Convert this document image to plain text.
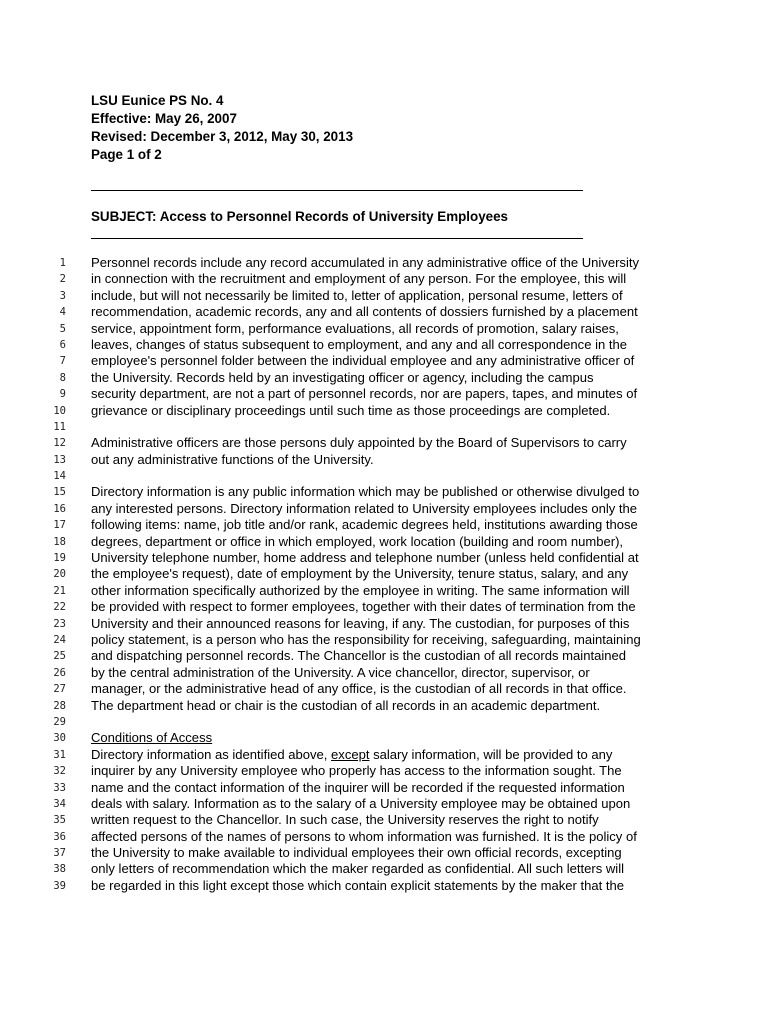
LSU Eunice PS No. 4
Effective: May 26, 2007
Revised: December 3, 2012, May 30, 2013
Page 1 of 2
SUBJECT: Access to Personnel Records of University Employees
1 Personnel records include any record accumulated in any administrative office of the University
2 in connection with the recruitment and employment of any person. For the employee, this will
3 include, but will not necessarily be limited to, letter of application, personal resume, letters of
4 recommendation, academic records, any and all contents of dossiers furnished by a placement
5 service, appointment form, performance evaluations, all records of promotion, salary raises,
6 leaves, changes of status subsequent to employment, and any and all correspondence in the
7 employee's personnel folder between the individual employee and any administrative officer of
8 the University. Records held by an investigating officer or agency, including the campus
9 security department, are not a part of personnel records, nor are papers, tapes, and minutes of
10 grievance or disciplinary proceedings until such time as those proceedings are completed.
11
12 Administrative officers are those persons duly appointed by the Board of Supervisors to carry
13 out any administrative functions of the University.
14
15 Directory information is any public information which may be published or otherwise divulged to
16 any interested persons. Directory information related to University employees includes only the
17 following items: name, job title and/or rank, academic degrees held, institutions awarding those
18 degrees, department or office in which employed, work location (building and room number),
19 University telephone number, home address and telephone number (unless held confidential at
20 the employee's request), date of employment by the University, tenure status, salary, and any
21 other information specifically authorized by the employee in writing. The same information will
22 be provided with respect to former employees, together with their dates of termination from the
23 University and their announced reasons for leaving, if any. The custodian, for purposes of this
24 policy statement, is a person who has the responsibility for receiving, safeguarding, maintaining
25 and dispatching personnel records. The Chancellor is the custodian of all records maintained
26 by the central administration of the University. A vice chancellor, director, supervisor, or
27 manager, or the administrative head of any office, is the custodian of all records in that office.
28 The department head or chair is the custodian of all records in an academic department.
29
30 Conditions of Access
31 Directory information as identified above, except salary information, will be provided to any
32 inquirer by any University employee who properly has access to the information sought. The
33 name and the contact information of the inquirer will be recorded if the requested information
34 deals with salary. Information as to the salary of a University employee may be obtained upon
35 written request to the Chancellor. In such case, the University reserves the right to notify
36 affected persons of the names of persons to whom information was furnished. It is the policy of
37 the University to make available to individual employees their own official records, excepting
38 only letters of recommendation which the maker regarded as confidential. All such letters will
39 be regarded in this light except those which contain explicit statements by the maker that the
